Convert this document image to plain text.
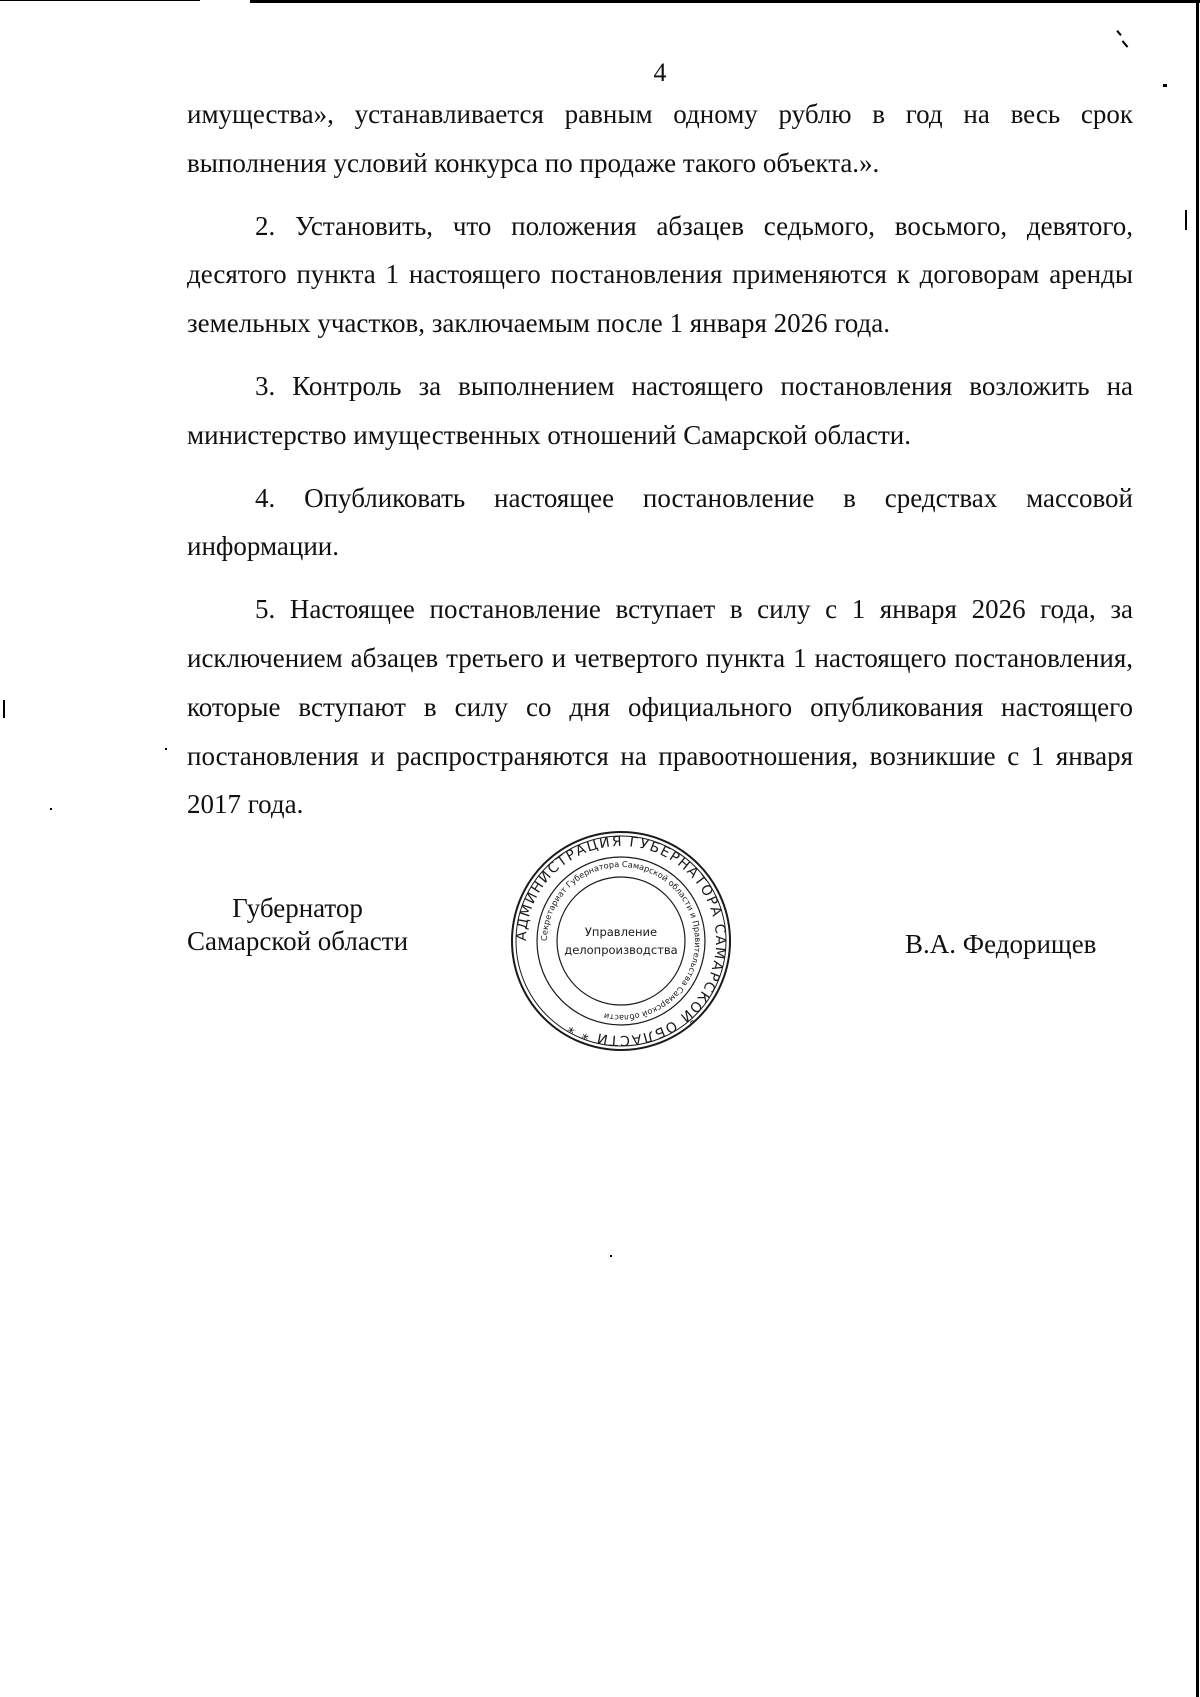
4

имущества», устанавливается равным одному рублю в год на весь срок выполнения условий конкурса по продаже такого объекта.».

2. Установить, что положения абзацев седьмого, восьмого, девятого, десятого пункта 1 настоящего постановления применяются к договорам аренды земельных участков, заключаемым после 1 января 2026 года.

3. Контроль за выполнением настоящего постановления возложить на министерство имущественных отношений Самарской области.

4. Опубликовать настоящее постановление в средствах массовой информации.

5. Настоящее постановление вступает в силу с 1 января 2026 года, за исключением абзацев третьего и четвертого пункта 1 настоящего постановления, которые вступают в силу со дня официального опубликования настоящего постановления и распространяются на правоотношения, возникшие с 1 января 2017 года.

Губернатор
Самарской области	АДМИНИСТРАЦИЯ ГУБЕРНАТОРА САМАРСКОЙ ОБЛАСТИ * *
Секретариат Губернатора Самарской области и Правительства Самарской области
Управление
делопроизводства	В.А. Федорищев
